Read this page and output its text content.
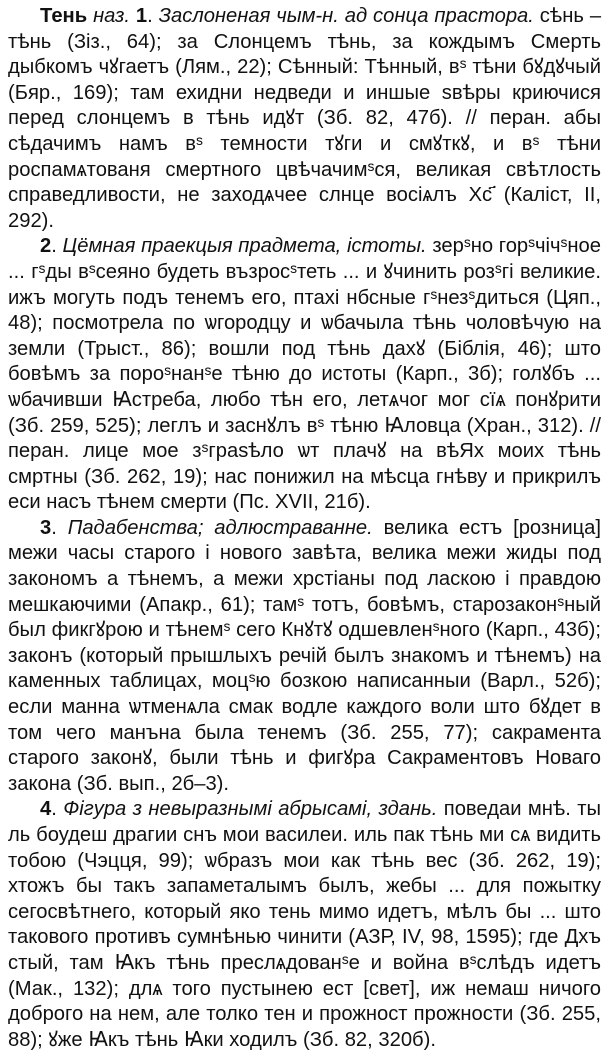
Тень наз. 1. Заслоненая чым-н. ад сонца прастора. сѣнь – тѣнь (Зіз., 64); за Слонцемъ тѣнь, за кождымъ Смерть дыбкомъ чꙋгаетъ (Лям., 22); Сѣнный: Тѣнный, вˢ тѣни бꙋдꙋчый (Бяр., 169); там ехидни недведи и иншые ѕвѣры криючися перед слонцемъ в тѣнь идꙋт (Зб. 82, 47б). // перан. абы сѣдачимъ намъ вˢ темности тꙋги и смꙋткꙋ, и вˢ тѣни роспамѧтованя смертного цвѣчачимˢся, великая свѣтлость справедливости, не заходѧчее слнце восіѧлъ Хс҃ (Каліст, II, 292).

2. Цёмная праекцыя прадмета, істоты. зерˢно горˢчічˢное ... гˢды вˢсеяно будеть възросˢтеть ... и ꙋчинить розˢгі великие. ижъ могуть подъ тенемъ его, птахі нбсные гˢнезˢдиться (Цяп., 48); посмотрела по ѡгородцу и ѡбачыла тѣнь чоловѣчую на земли (Трыст., 86); вошли под тѣнь дахꙋ (Біблія, 46); што бовѣмъ за пороˢнанˢе тѣню до истоты (Карп., 3б); голꙋбъ ... ѡбачивши Ꙗстреба, любо тѣн его, летѧчог мог сїѧ понꙋрити (Зб. 259, 525); леглъ и заснꙋлъ вˢ тѣню Ꙗловца (Хран., 312). // перан. лице мое зˢграѕѣло ѡт плачꙋ на вѣЯх моих тѣнь смртны (Зб. 262, 19); нас понижил на мѣсца гнѣву и прикрилъ еси насъ тѣнем смерти (Пс. XVII, 21б).

3. Падабенства; адлюстраванне. велика естъ [розница] межи часы старого і нового завѣта, велика межи жиды под закономъ а тѣнемъ, а межи хрстіаны под ласкою і правдою мешкаючими (Апакр., 61); тамˢ тотъ, бовѣмъ, старозаконˢный был фикгꙋрою и тѣнемˢ сего Кнꙋтꙋ одшевленˢного (Карп., 43б); законъ (который прышлыхъ речій былъ знакомъ и тѣнемъ) на каменных таблицах, моцˢю бозкою написанныи (Варл., 52б); если манна ѡтменѧла смак водле каждого воли што бꙋдет в том чего манъна была тенемъ (Зб. 255, 77); сакрамента старого законꙋ, были тѣнь и фигꙋра Сакраментовъ Новаго закона (Зб. вып., 2б–3).

4. Фігура з невыразнымі абрысамі, здань. поведаи мнѣ. ты ль боудеш драгии снъ мои василеи. иль пак тѣнь ми сѧ видить тобою (Чэцця, 99); ѡбразъ мои как тѣнь вес (Зб. 262, 19); хтожъ бы такъ запаметалымъ былъ, жебы ... для пожытку сегосвѣтнего, который яко тень мимо идетъ, мѣлъ бы ... што такового противъ сумнѣнью чинити (АЗР, IV, 98, 1595); где Дхъ стый, там Ꙗкъ тѣнь преслѧдованˢе и война вˢслѣдъ идетъ (Мак., 132); длѧ того пустынею ест [свет], иж немаш ничого доброго на нем, але толко тен и прожност прожности (Зб. 255, 88); ꙋже Ꙗкъ тѣнь Ꙗки ходилъ (Зб. 82, 320б).
